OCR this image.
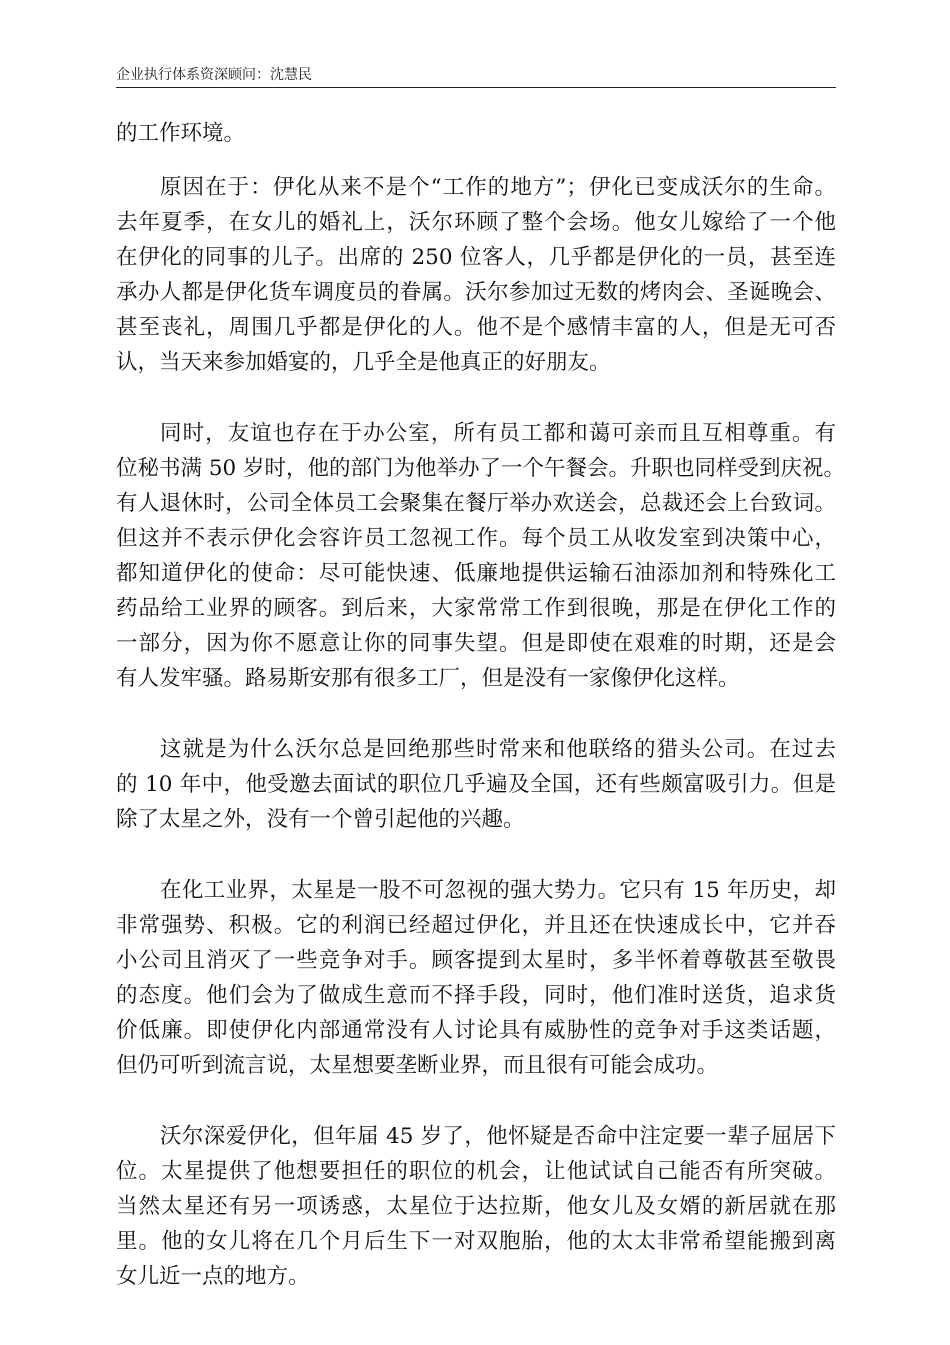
企业执行体系资深顾问：沈慧民
的工作环境。
原因在于：伊化从来不是个“工作的地方”；伊化已变成沃尔的生命。
去年夏季，在女儿的婚礼上，沃尔环顾了整个会场。他女儿嫁给了一个他
在伊化的同事的儿子。出席的 250 位客人，几乎都是伊化的一员，甚至连
承办人都是伊化货车调度员的眷属。沃尔参加过无数的烤肉会、圣诞晚会、
甚至丧礼，周围几乎都是伊化的人。他不是个感情丰富的人，但是无可否
认，当天来参加婚宴的，几乎全是他真正的好朋友。
同时，友谊也存在于办公室，所有员工都和蔼可亲而且互相尊重。有
位秘书满 50 岁时，他的部门为他举办了一个午餐会。升职也同样受到庆祝。
有人退休时，公司全体员工会聚集在餐厅举办欢送会，总裁还会上台致词。
但这并不表示伊化会容许员工忽视工作。每个员工从收发室到决策中心，
都知道伊化的使命：尽可能快速、低廉地提供运输石油添加剂和特殊化工
药品给工业界的顾客。到后来，大家常常工作到很晚，那是在伊化工作的
一部分，因为你不愿意让你的同事失望。但是即使在艰难的时期，还是会
有人发牢骚。路易斯安那有很多工厂，但是没有一家像伊化这样。
这就是为什么沃尔总是回绝那些时常来和他联络的猎头公司。在过去
的 10 年中，他受邀去面试的职位几乎遍及全国，还有些颇富吸引力。但是
除了太星之外，没有一个曾引起他的兴趣。
在化工业界，太星是一股不可忽视的强大势力。它只有 15 年历史，却
非常强势、积极。它的利润已经超过伊化，并且还在快速成长中，它并吞
小公司且消灭了一些竞争对手。顾客提到太星时，多半怀着尊敬甚至敬畏
的态度。他们会为了做成生意而不择手段，同时，他们准时送货，追求货
价低廉。即使伊化内部通常没有人讨论具有威胁性的竞争对手这类话题，
但仍可听到流言说，太星想要垄断业界，而且很有可能会成功。
沃尔深爱伊化，但年届 45 岁了，他怀疑是否命中注定要一辈子屈居下
位。太星提供了他想要担任的职位的机会，让他试试自己能否有所突破。
当然太星还有另一项诱惑，太星位于达拉斯，他女儿及女婿的新居就在那
里。他的女儿将在几个月后生下一对双胞胎，他的太太非常希望能搬到离
女儿近一点的地方。
